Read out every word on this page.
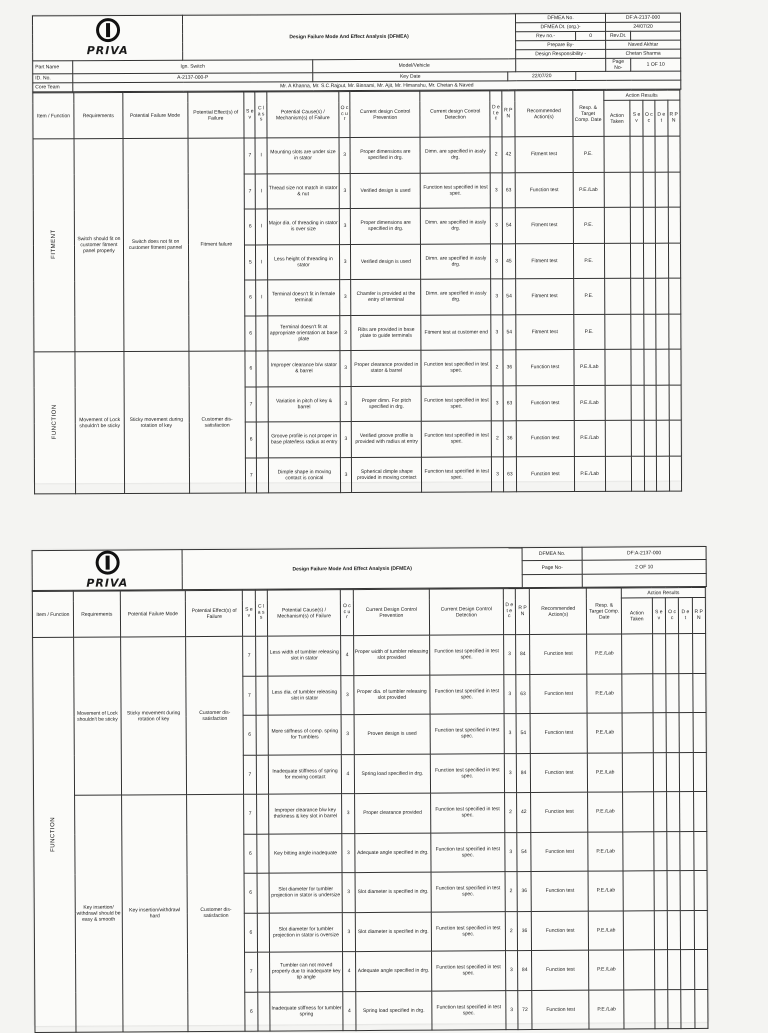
PRIVA		Design Failure Mode And Effect Analysis (DFMEA)			DFMEA No.		DF:A-2137-000	
					DFMEA Dt. (org.)-		24/07/20	
					Rev no.-	0	Rev.Dt.	
					Prepare By-		Naved Akhtar	
					Design Responsibility -		Chetan Sharma	
Part Name	Ign. Switch		Model/Vehicle				Page No-	1 OF 10
ID. No.	A-2137-000-P		Key Date	22/07/20				
Core Team	Mr. A Khanna, Mr. S.C.Rajput, Mr. Binnami, Mr. Ajit, Mr. Himanshu, Mr. Chetan & Naved							
Item / Function	Requirements	Potential Failure Mode	Potential Effect(s) of Failure	S e v	C l a s s	Potential Cause(s) / Mechanism(s) of Failure	O c c u r	Current design Control Prevention	Current design Control Detection	D e t e c	R P N	Recommended Action(s)	Resp. & Target Comp. Date	Action Results				
														Action Taken	S e v	O c c	D e t	R P N
FITMENT	Switch should fit on customer fitment panel properly	Switch does not fit on customer fitment pannel	Fitment failure	7	I	Mounting slots are under size in stator	3	Proper dimensions are specified in drg.	Dimn. are specified in assly drg.	2	42	Fitment test	P.E.					
				7	I	Thread size not match in stator & nut	3	Verified design is used	Function test specified in test spec.	3	63	Function test	P.E./Lab					
				6	I	Major dia. of threading in stator is over size	3	Proper dimensions are specified in drg.	Dimn. are specified in assly drg.	3	54	Fitment test	P.E.					
				5	I	Less height of threading in stator	3	Verified design is used	Dimn. are specified in assly drg.	3	45	Fitment test	P.E.					
				6	I	Terminal doesn't fit in female terminal	3	Chamfer is provided at the entry of terminal	Dimn. are specified in assly drg.	3	54	Fitment test	P.E.					
				6		Terminal doesn't fit at appropriate orientation at base plate	3	Ribs are provided in base plate to guide terminals	Fitment test at customer end	3	54	Fitment test	P.E.					
FUNCTION	Movement of Lock shouldn't be sticky	Sticky movement during rotation of key	Customer dis-satisfaction	6		Improper clearance b/w stator & barrel	3	Proper clearance provided in stator & barrel	Function test specified in test spec.	2	36	Function test	P.E./Lab					
				7		Variation in pitch of key & barrel	3	Proper dimn. For pitch specified in drg.	Function test specified in test spec.	3	63	Function test	P.E./Lab					
				6		Groove profile is not proper in base plate/less radius at entry	3	Verified groove profile is provided with radius at entry	Function test specified in test spec.	2	36	Function test	P.E./Lab					
				7		Dimple shape in moving contact is conical	3	Spherical dimple shape provided in moving contact	Function test specified in test spec.	3	63	Function test	P.E./Lab					
PRIVA	Design Failure Mode And Effect Analysis (DFMEA)	DFMEA No.	DF:A-2137-000
		Page No-	2 OF 10

Item / Function	Requirements	Potential Failure Mode	Potential Effect(s) of Failure	S e v	C l a s s	Potential Cause(s) / Mechanism(s) of Failure	O c c u r	Current Design Control Prevention	Current Design Control Detection	D e t e c	R P N	Recommended Action(s)	Resp. & Target Comp. Date	Action Results				
														Action Taken	S e v	O c c	D e t	R P N
FUNCTION	Movement of Lock shouldn't be sticky	Sticky movement during rotation of key	Customer dis-satisfaction	7		Less width of tumbler releasing slot in stator	4	Proper width of tumbler releasing slot provided	Function test specified in test spec.	3	84	Function test	P.E./Lab					
				7		Less dia. of tumbler releasing slot in stator	3	Proper dia. of tumbler releasing slot provided	Function test specified in test spec.	3	63	Function test	P.E./Lab					
				6		More stiffness of comp. spring for Tumblers	3	Proven design is used	Function test specified in test spec.	3	54	Function test	P.E./Lab					
				7		Inadequate stiffness of spring for moving contact	4	Spring load specified in drg.	Function test specified in test spec.	3	84	Function test	P.E./Lab					
	Key insertion/ withdrawl should be easy & smooth	Key insertion/withdrawl hard	Customer dis-satisfaction	7		Improper clearance b/w key thickness & key slot in barrel	3	Proper clearance provided	Function test specified in test spec.	2	42	Function test	P.E./Lab					
				6		Key bitting angle inadequate	3	Adequate angle specified in drg.	Function test specified in test spec.	3	54	Function test	P.E./Lab					
				6		Slot diameter for tumbler projection in stator is undersize	3	Slot diameter is specified in drg.	Function test specified in test spec.	2	36	Function test	P.E./Lab					
				6		Slot diameter for tumbler projection in stator is oversize	3	Slot diameter is specified in drg.	Function test specified in test spec.	2	36	Function test	P.E./Lab					
				7		Tumbler can not moved properly due to inadequate key tip angle	4	Adequate angle specified in drg.	Function test specified in test spec.	3	84	Function test	P.E./Lab					
				6		Inadequate stiffness for tumbler spring	4	Spring load specified in drg.	Function test specified in test spec.	3	72	Function test	P.E./Lab					
